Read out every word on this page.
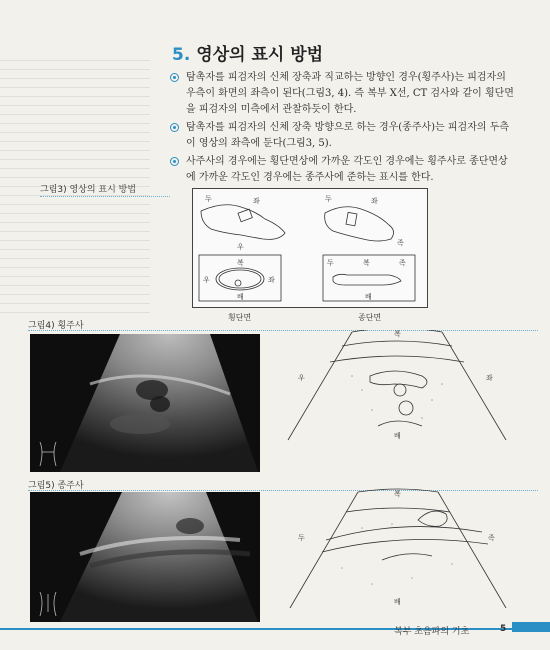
5. 영상의 표시 방법
탐촉자를 피검자의 신체 장축과 직교하는 방향인 경우(횡주사)는 피검자의 우측이 화면의 좌측이 된다(그림3, 4). 즉 복부 X선, CT 검사와 같이 횡단면을 피검자의 미측에서 관찰하듯이 한다.
탐촉자를 피검자의 신체 장축 방향으로 하는 경우(종주사)는 피검자의 두측이 영상의 좌측에 둔다(그림3, 5).
사주사의 경우에는 횡단면상에 가까운 각도인 경우에는 횡주사로 종단면상에 가까운 각도인 경우에는 종주사에 준하는 표시를 한다.
그림3) 영상의 표시 방법
두	좌
우
두	좌
족
복
우	좌
배
두	복	족
배
횡단면	종단면
그림4) 횡주사
복
우	좌
배
그림5) 종주사
복
두	족
배
복부 초음파의 기초	5
